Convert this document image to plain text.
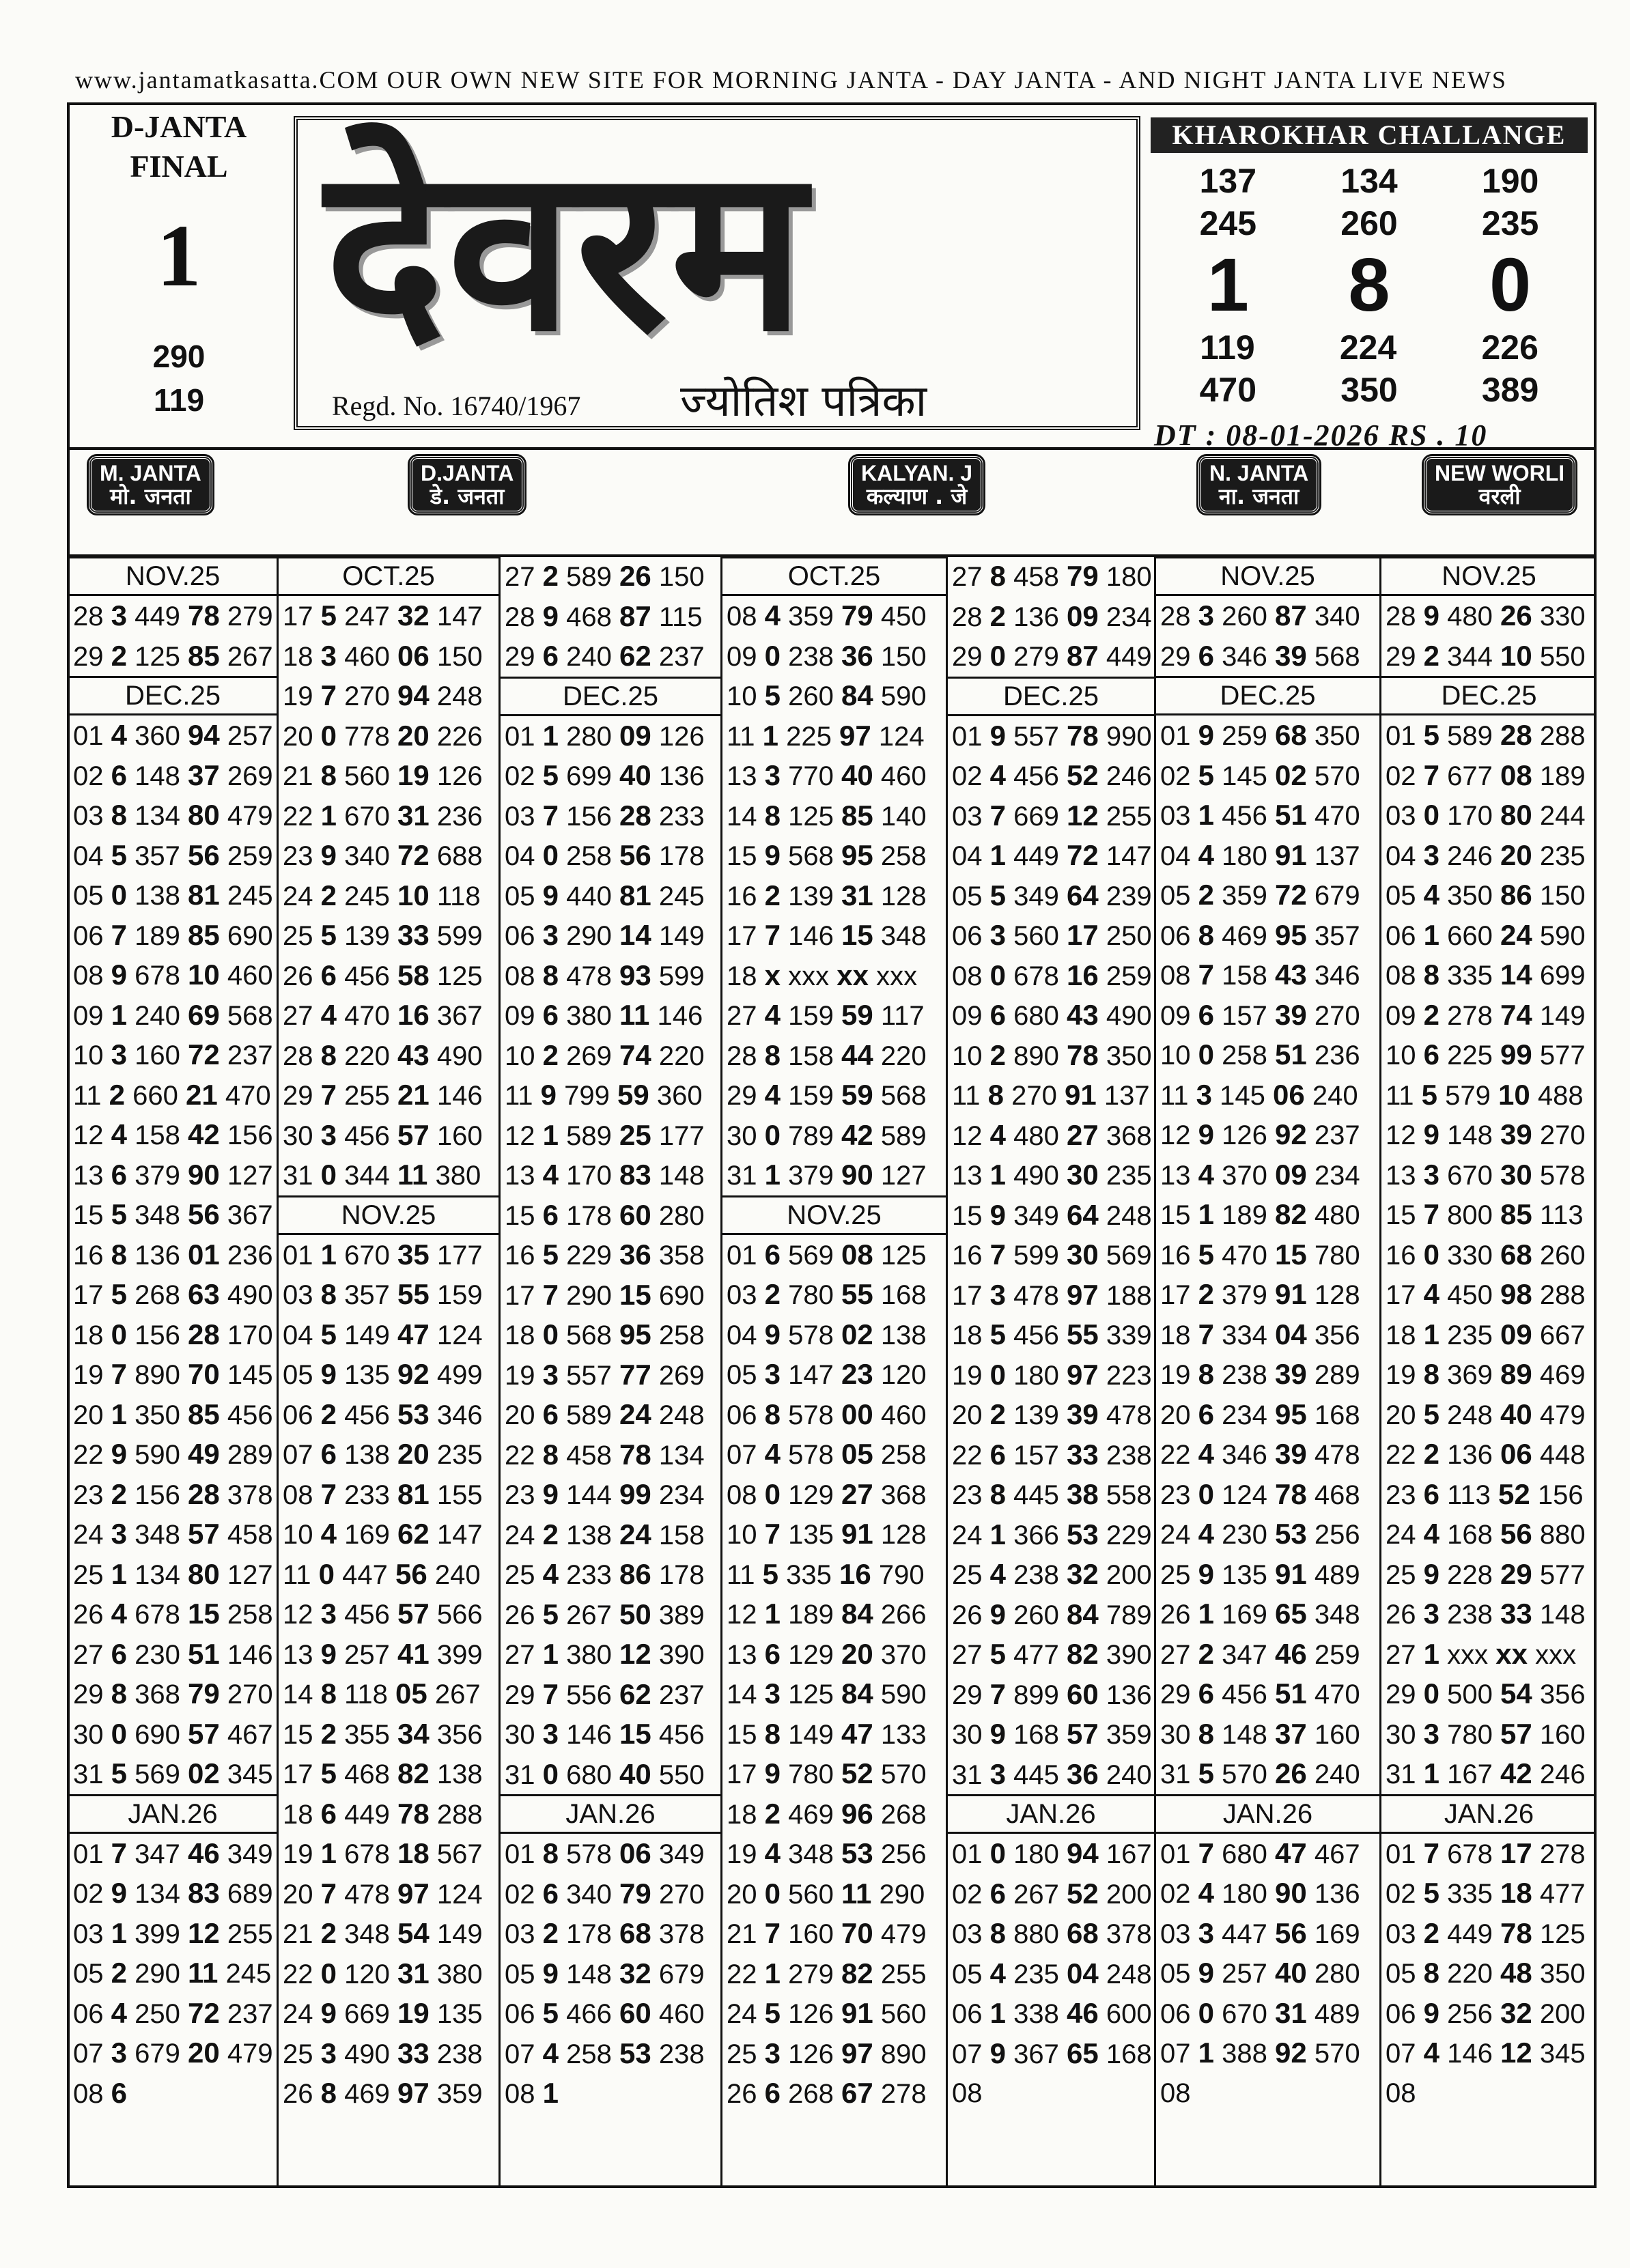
www.jantamatkasatta.COM OUR OWN NEW SITE FOR MORNING JANTA - DAY JANTA - AND NIGHT JANTA LIVE NEWS
D-JANTA
FINAL
1
290
119
देवरम
Regd. No. 16740/1967 ज्योतिश पत्रिका
KHAROKHAR CHALLANGE
137 134 190
245 260 235
1 8 0
119 224 226
470 350 389
DT : 08-01-2026 RS . 10
M. JANTA
मो. जनता
D.JANTA
डे. जनता
KALYAN. J
कल्याण . जे
N. JANTA
ना. जनता
NEW WORLI
वरली
NOV.25
28 3 449 78 279
29 2 125 85 267
DEC.25
01 4 360 94 257
02 6 148 37 269
03 8 134 80 479
04 5 357 56 259
05 0 138 81 245
06 7 189 85 690
08 9 678 10 460
09 1 240 69 568
10 3 160 72 237
11 2 660 21 470
12 4 158 42 156
13 6 379 90 127
15 5 348 56 367
16 8 136 01 236
17 5 268 63 490
18 0 156 28 170
19 7 890 70 145
20 1 350 85 456
22 9 590 49 289
23 2 156 28 378
24 3 348 57 458
25 1 134 80 127
26 4 678 15 258
27 6 230 51 146
29 8 368 79 270
30 0 690 57 467
31 5 569 02 345
JAN.26
01 7 347 46 349
02 9 134 83 689
03 1 399 12 255
05 2 290 11 245
06 4 250 72 237
07 3 679 20 479
08 6
OCT.25
17 5 247 32 147
18 3 460 06 150
19 7 270 94 248
20 0 778 20 226
21 8 560 19 126
22 1 670 31 236
23 9 340 72 688
24 2 245 10 118
25 5 139 33 599
26 6 456 58 125
27 4 470 16 367
28 8 220 43 490
29 7 255 21 146
30 3 456 57 160
31 0 344 11 380
NOV.25
01 1 670 35 177
03 8 357 55 159
04 5 149 47 124
05 9 135 92 499
06 2 456 53 346
07 6 138 20 235
08 7 233 81 155
10 4 169 62 147
11 0 447 56 240
12 3 456 57 566
13 9 257 41 399
14 8 118 05 267
15 2 355 34 356
17 5 468 82 138
18 6 449 78 288
19 1 678 18 567
20 7 478 97 124
21 2 348 54 149
22 0 120 31 380
24 9 669 19 135
25 3 490 33 238
26 8 469 97 359
27 2 589 26 150
28 9 468 87 115
29 6 240 62 237
DEC.25
01 1 280 09 126
02 5 699 40 136
03 7 156 28 233
04 0 258 56 178
05 9 440 81 245
06 3 290 14 149
08 8 478 93 599
09 6 380 11 146
10 2 269 74 220
11 9 799 59 360
12 1 589 25 177
13 4 170 83 148
15 6 178 60 280
16 5 229 36 358
17 7 290 15 690
18 0 568 95 258
19 3 557 77 269
20 6 589 24 248
22 8 458 78 134
23 9 144 99 234
24 2 138 24 158
25 4 233 86 178
26 5 267 50 389
27 1 380 12 390
29 7 556 62 237
30 3 146 15 456
31 0 680 40 550
JAN.26
01 8 578 06 349
02 6 340 79 270
03 2 178 68 378
05 9 148 32 679
06 5 466 60 460
07 4 258 53 238
08 1
OCT.25
08 4 359 79 450
09 0 238 36 150
10 5 260 84 590
11 1 225 97 124
13 3 770 40 460
14 8 125 85 140
15 9 568 95 258
16 2 139 31 128
17 7 146 15 348
18 x xxx xx xxx
27 4 159 59 117
28 8 158 44 220
29 4 159 59 568
30 0 789 42 589
31 1 379 90 127
NOV.25
01 6 569 08 125
03 2 780 55 168
04 9 578 02 138
05 3 147 23 120
06 8 578 00 460
07 4 578 05 258
08 0 129 27 368
10 7 135 91 128
11 5 335 16 790
12 1 189 84 266
13 6 129 20 370
14 3 125 84 590
15 8 149 47 133
17 9 780 52 570
18 2 469 96 268
19 4 348 53 256
20 0 560 11 290
21 7 160 70 479
22 1 279 82 255
24 5 126 91 560
25 3 126 97 890
26 6 268 67 278
27 8 458 79 180
28 2 136 09 234
29 0 279 87 449
DEC.25
01 9 557 78 990
02 4 456 52 246
03 7 669 12 255
04 1 449 72 147
05 5 349 64 239
06 3 560 17 250
08 0 678 16 259
09 6 680 43 490
10 2 890 78 350
11 8 270 91 137
12 4 480 27 368
13 1 490 30 235
15 9 349 64 248
16 7 599 30 569
17 3 478 97 188
18 5 456 55 339
19 0 180 97 223
20 2 139 39 478
22 6 157 33 238
23 8 445 38 558
24 1 366 53 229
25 4 238 32 200
26 9 260 84 789
27 5 477 82 390
29 7 899 60 136
30 9 168 57 359
31 3 445 36 240
JAN.26
01 0 180 94 167
02 6 267 52 200
03 8 880 68 378
05 4 235 04 248
06 1 338 46 600
07 9 367 65 168
08
NOV.25
28 3 260 87 340
29 6 346 39 568
DEC.25
01 9 259 68 350
02 5 145 02 570
03 1 456 51 470
04 4 180 91 137
05 2 359 72 679
06 8 469 95 357
08 7 158 43 346
09 6 157 39 270
10 0 258 51 236
11 3 145 06 240
12 9 126 92 237
13 4 370 09 234
15 1 189 82 480
16 5 470 15 780
17 2 379 91 128
18 7 334 04 356
19 8 238 39 289
20 6 234 95 168
22 4 346 39 478
23 0 124 78 468
24 4 230 53 256
25 9 135 91 489
26 1 169 65 348
27 2 347 46 259
29 6 456 51 470
30 8 148 37 160
31 5 570 26 240
JAN.26
01 7 680 47 467
02 4 180 90 136
03 3 447 56 169
05 9 257 40 280
06 0 670 31 489
07 1 388 92 570
08
NOV.25
28 9 480 26 330
29 2 344 10 550
DEC.25
01 5 589 28 288
02 7 677 08 189
03 0 170 80 244
04 3 246 20 235
05 4 350 86 150
06 1 660 24 590
08 8 335 14 699
09 2 278 74 149
10 6 225 99 577
11 5 579 10 488
12 9 148 39 270
13 3 670 30 578
15 7 800 85 113
16 0 330 68 260
17 4 450 98 288
18 1 235 09 667
19 8 369 89 469
20 5 248 40 479
22 2 136 06 448
23 6 113 52 156
24 4 168 56 880
25 9 228 29 577
26 3 238 33 148
27 1 xxx xx xxx
29 0 500 54 356
30 3 780 57 160
31 1 167 42 246
JAN.26
01 7 678 17 278
02 5 335 18 477
03 2 449 78 125
05 8 220 48 350
06 9 256 32 200
07 4 146 12 345
08
